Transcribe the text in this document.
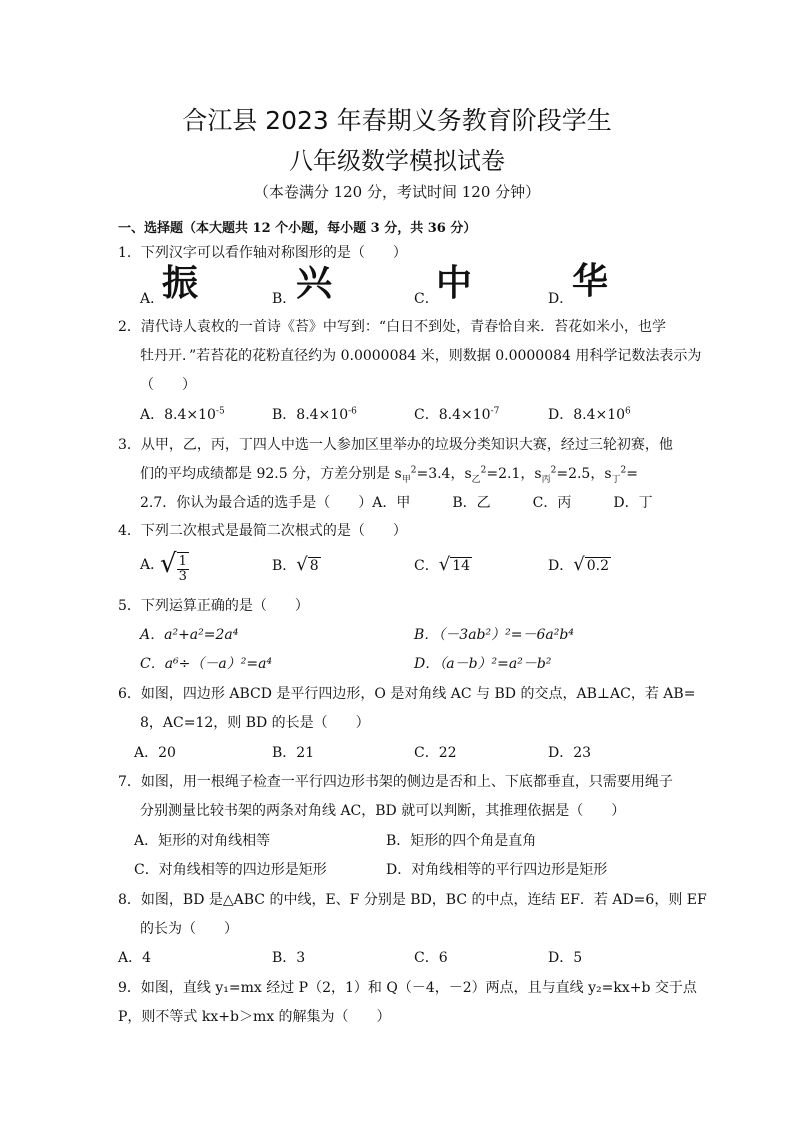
合江县 2023 年春期义务教育阶段学生
八年级数学模拟试卷
（本卷满分 120 分，考试时间 120 分钟）
一、选择题（本大题共 12 个小题，每小题 3 分，共 36 分）
1．下列汉字可以看作轴对称图形的是（　　）
A．
振	B． 兴	C．
中	D．
华
2．清代诗人袁枚的一首诗《苔》中写到：“白日不到处，青春恰自来．苔花如米小，也学
牡丹开．”若苔花的花粉直径约为 0.0000084 米，则数据 0.0000084 用科学记数法表示为
（　　）
A．$8.4\times 10^{-5}$	B．$8.4\times 10^{-6}$	C．$8.4\times 10^{-7}$	D．$8.4\times 10^6$
3．从甲，乙，丙，丁四人中选一人参加区里举办的垃圾分类知识大赛，经过三轮初赛，他
们的平均成绩都是 92.5 分，方差分别是 $s_甲^2=3.4$，$s_乙^2=2.1$，$s_丙^2=2.5$，$s_丁^2=$
2.7．你认为最合适的选手是（　　）A．甲　　　B．乙　　　C．丙　　　D．丁
4．下列二次根式是最简二次根式的是（　　）
A．
√ $\frac{1}{3}$	B．√ 8	C．√ 14	D．√ 0.2
5．下列运算正确的是（　　）
A．a²+a²=2a⁴	B．（－3ab²）²=－6a²b⁴
C．a⁶÷（－a）²=a⁴	D．（a－b）²=a²－b²
6．如图，四边形 ABCD 是平行四边形，O 是对角线 AC 与 BD 的交点，AB⊥AC，若 AB=
8，AC=12，则 BD 的长是（　　）
A．20	B．21	C．22	D．23
7．如图，用一根绳子检查一平行四边形书架的侧边是否和上、下底都垂直，只需要用绳子
分别测量比较书架的两条对角线 AC，BD 就可以判断，其推理依据是（　　）
A．矩形的对角线相等	B．矩形的四个角是直角
C．对角线相等的四边形是矩形	D．对角线相等的平行四边形是矩形
8．如图，BD 是△ABC 的中线，E、F 分别是 BD，BC 的中点，连结 EF．若 AD=6，则 EF
的长为（　　）
A．4	B．3	C．6	D．5
9．如图，直线 y₁=mx 经过 P（2，1）和 Q（－4，－2）两点，且与直线 y₂=kx+b 交于点
P，则不等式 kx+b＞mx 的解集为（　　）
